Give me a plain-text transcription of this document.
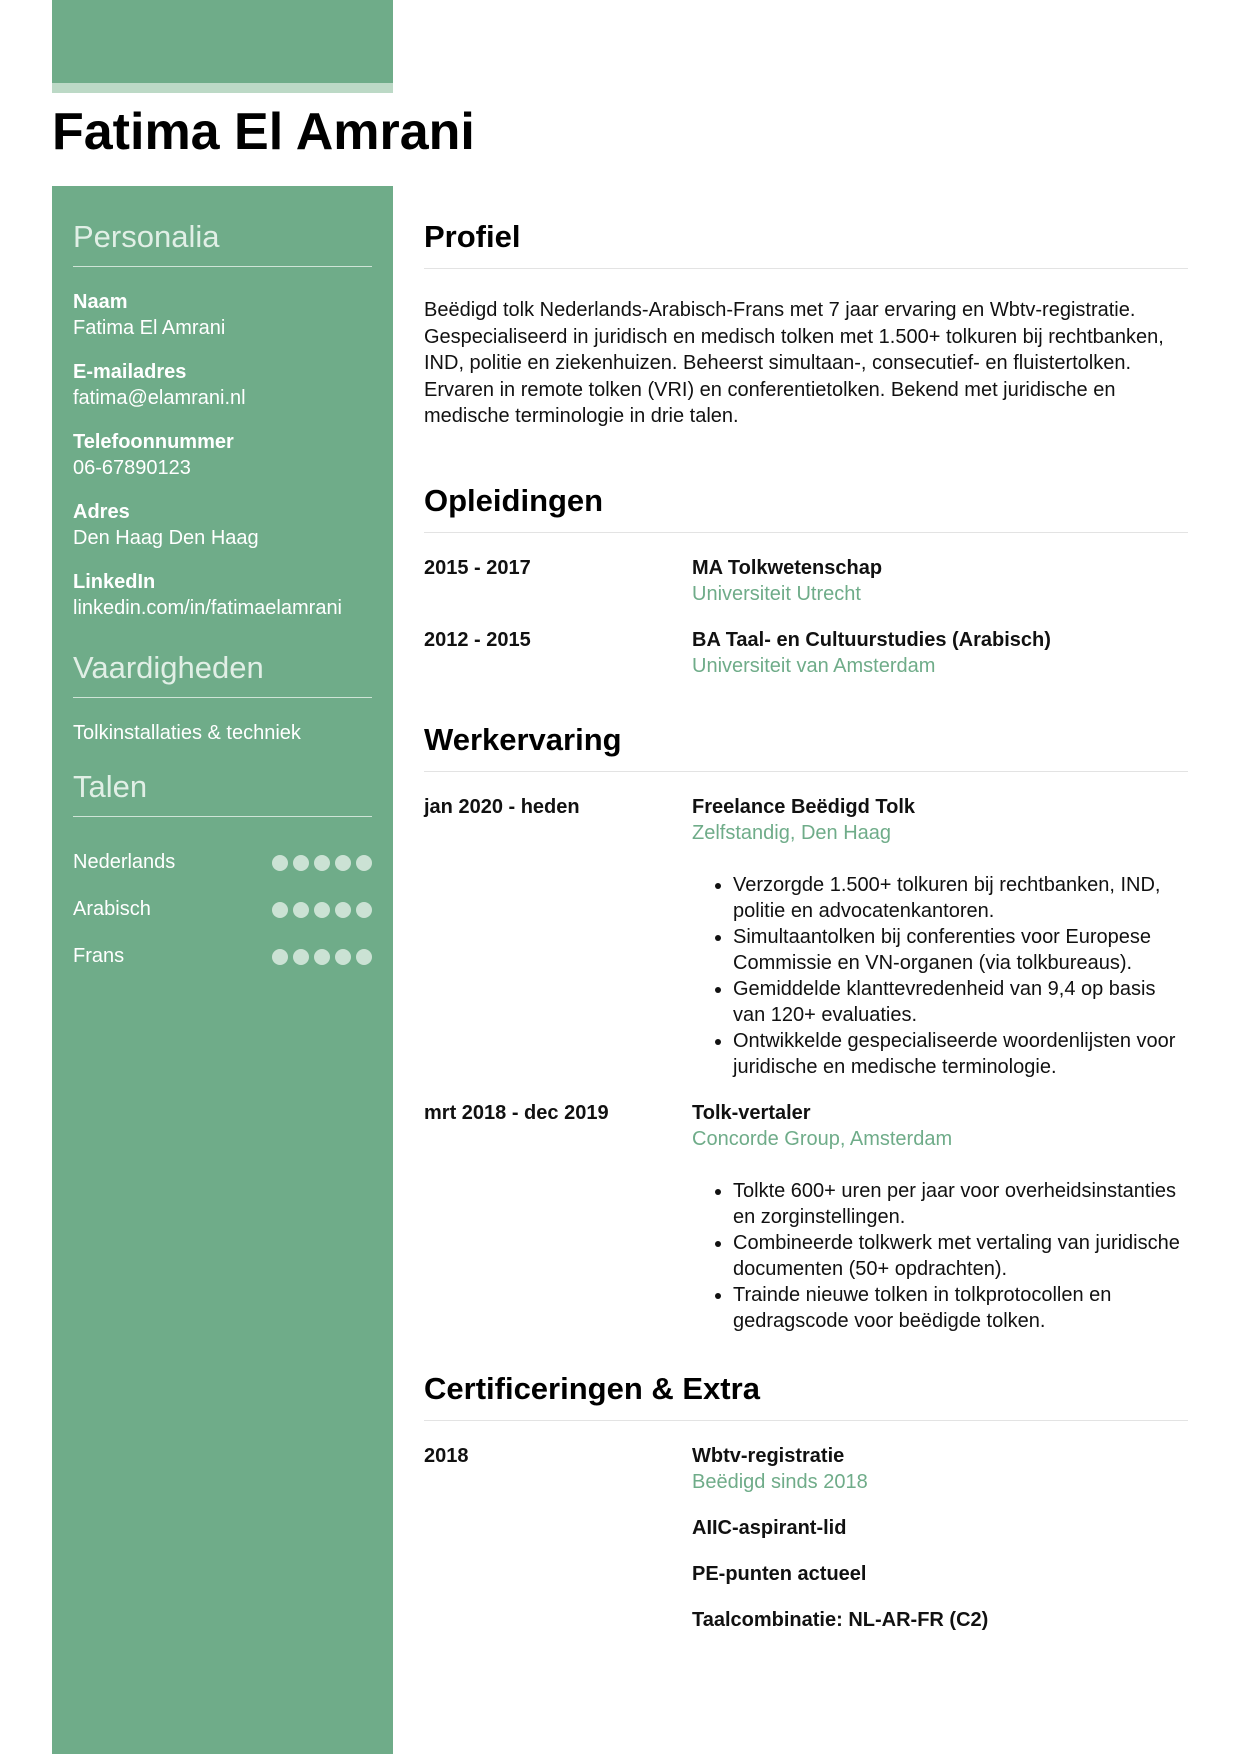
Fatima El Amrani
Personalia
Naam
Fatima El Amrani
E-mailadres
fatima@elamrani.nl
Telefoonnummer
06-67890123
Adres
Den Haag Den Haag
LinkedIn
linkedin.com/in/fatimaelamrani
Vaardigheden
Tolkinstallaties & techniek
Talen
Nederlands
Arabisch
Frans
Profiel
Beëdigd tolk Nederlands-Arabisch-Frans met 7 jaar ervaring en Wbtv-registratie. Gespecialiseerd in juridisch en medisch tolken met 1.500+ tolkuren bij rechtbanken, IND, politie en ziekenhuizen. Beheerst simultaan-, consecutief- en fluistertolken. Ervaren in remote tolken (VRI) en conferentietolken. Bekend met juridische en medische terminologie in drie talen.
Opleidingen
2015 - 2017	MA Tolkwetenschap
Universiteit Utrecht
2012 - 2015	BA Taal- en Cultuurstudies (Arabisch)
Universiteit van Amsterdam
Werkervaring
jan 2020 - heden	Freelance Beëdigd Tolk
Zelfstandig, Den Haag
• Verzorgde 1.500+ tolkuren bij rechtbanken, IND, politie en advocatenkantoren.
• Simultaantolken bij conferenties voor Europese Commissie en VN-organen (via tolkbureaus).
• Gemiddelde klanttevredenheid van 9,4 op basis van 120+ evaluaties.
• Ontwikkelde gespecialiseerde woordenlijsten voor juridische en medische terminologie.
mrt 2018 - dec 2019	Tolk-vertaler
Concorde Group, Amsterdam
• Tolkte 600+ uren per jaar voor overheidsinstanties en zorginstellingen.
• Combineerde tolkwerk met vertaling van juridische documenten (50+ opdrachten).
• Trainde nieuwe tolken in tolkprotocollen en gedragscode voor beëdigde tolken.
Certificeringen & Extra
2018	Wbtv-registratie
Beëdigd sinds 2018
AIIC-aspirant-lid
PE-punten actueel
Taalcombinatie: NL-AR-FR (C2)
